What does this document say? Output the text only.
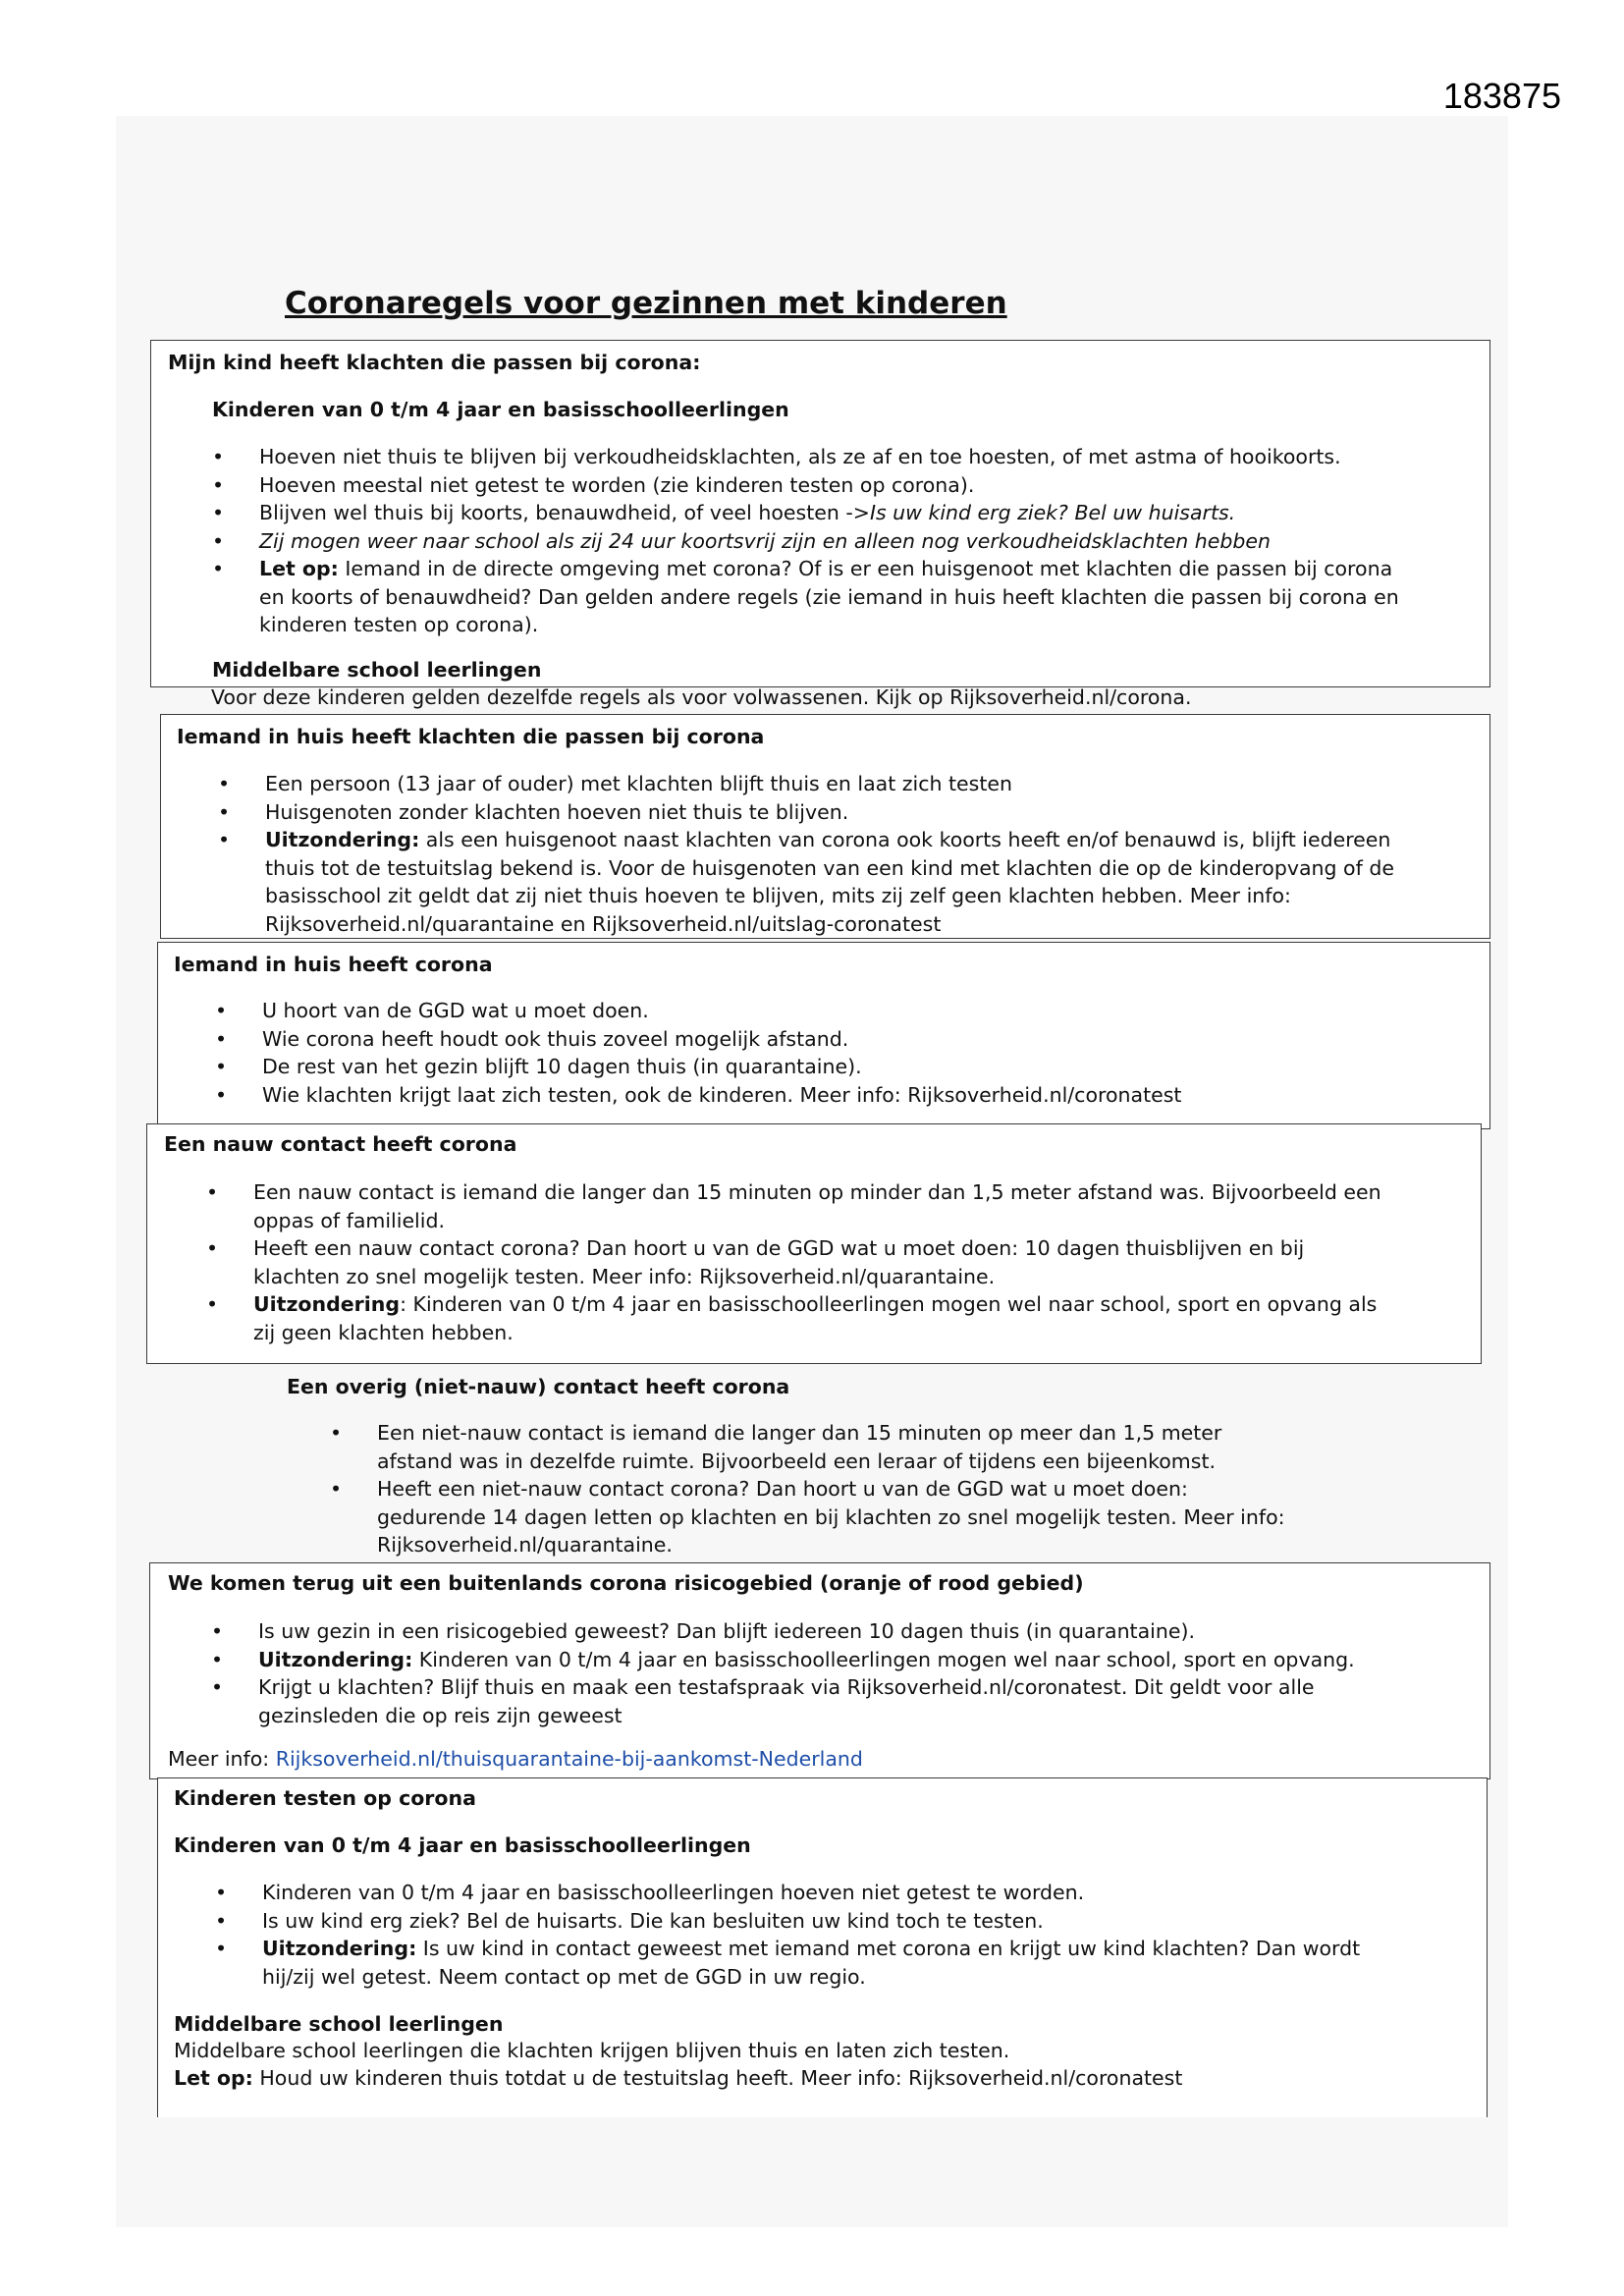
183875
Coronaregels voor gezinnen met kinderen
Mijn kind heeft klachten die passen bij corona:
Kinderen van 0 t/m 4 jaar en basisschoolleerlingen
• Hoeven niet thuis te blijven bij verkoudheidsklachten, als ze af en toe hoesten, of met astma of hooikoorts.
• Hoeven meestal niet getest te worden (zie kinderen testen op corona).
• Blijven wel thuis bij koorts, benauwdheid, of veel hoesten ->Is uw kind erg ziek? Bel uw huisarts.
• Zij mogen weer naar school als zij 24 uur koortsvrij zijn en alleen nog verkoudheidsklachten hebben
• Let op: Iemand in de directe omgeving met corona? Of is er een huisgenoot met klachten die passen bij corona
en koorts of benauwdheid? Dan gelden andere regels (zie iemand in huis heeft klachten die passen bij corona en
kinderen testen op corona).
Middelbare school leerlingen
Voor deze kinderen gelden dezelfde regels als voor volwassenen. Kijk op Rijksoverheid.nl/corona.
Iemand in huis heeft klachten die passen bij corona
• Een persoon (13 jaar of ouder) met klachten blijft thuis en laat zich testen
• Huisgenoten zonder klachten hoeven niet thuis te blijven.
• Uitzondering: als een huisgenoot naast klachten van corona ook koorts heeft en/of benauwd is, blijft iedereen
thuis tot de testuitslag bekend is. Voor de huisgenoten van een kind met klachten die op de kinderopvang of de
basisschool zit geldt dat zij niet thuis hoeven te blijven, mits zij zelf geen klachten hebben. Meer info:
Rijksoverheid.nl/quarantaine en Rijksoverheid.nl/uitslag-coronatest
Iemand in huis heeft corona
• U hoort van de GGD wat u moet doen.
• Wie corona heeft houdt ook thuis zoveel mogelijk afstand.
• De rest van het gezin blijft 10 dagen thuis (in quarantaine).
• Wie klachten krijgt laat zich testen, ook de kinderen. Meer info: Rijksoverheid.nl/coronatest
Een nauw contact heeft corona
• Een nauw contact is iemand die langer dan 15 minuten op minder dan 1,5 meter afstand was. Bijvoorbeeld een
oppas of familielid.
• Heeft een nauw contact corona? Dan hoort u van de GGD wat u moet doen: 10 dagen thuisblijven en bij
klachten zo snel mogelijk testen. Meer info: Rijksoverheid.nl/quarantaine.
• Uitzondering: Kinderen van 0 t/m 4 jaar en basisschoolleerlingen mogen wel naar school, sport en opvang als
zij geen klachten hebben.
Een overig (niet-nauw) contact heeft corona
• Een niet-nauw contact is iemand die langer dan 15 minuten op meer dan 1,5 meter
afstand was in dezelfde ruimte. Bijvoorbeeld een leraar of tijdens een bijeenkomst.
• Heeft een niet-nauw contact corona? Dan hoort u van de GGD wat u moet doen:
gedurende 14 dagen letten op klachten en bij klachten zo snel mogelijk testen. Meer info:
Rijksoverheid.nl/quarantaine.
We komen terug uit een buitenlands corona risicogebied (oranje of rood gebied)
• Is uw gezin in een risicogebied geweest? Dan blijft iedereen 10 dagen thuis (in quarantaine).
• Uitzondering: Kinderen van 0 t/m 4 jaar en basisschoolleerlingen mogen wel naar school, sport en opvang.
• Krijgt u klachten? Blijf thuis en maak een testafspraak via Rijksoverheid.nl/coronatest. Dit geldt voor alle
gezinsleden die op reis zijn geweest
Meer info: Rijksoverheid.nl/thuisquarantaine-bij-aankomst-Nederland
Kinderen testen op corona
Kinderen van 0 t/m 4 jaar en basisschoolleerlingen
• Kinderen van 0 t/m 4 jaar en basisschoolleerlingen hoeven niet getest te worden.
• Is uw kind erg ziek? Bel de huisarts. Die kan besluiten uw kind toch te testen.
• Uitzondering: Is uw kind in contact geweest met iemand met corona en krijgt uw kind klachten? Dan wordt
hij/zij wel getest. Neem contact op met de GGD in uw regio.
Middelbare school leerlingen
Middelbare school leerlingen die klachten krijgen blijven thuis en laten zich testen.
Let op: Houd uw kinderen thuis totdat u de testuitslag heeft. Meer info: Rijksoverheid.nl/coronatest
